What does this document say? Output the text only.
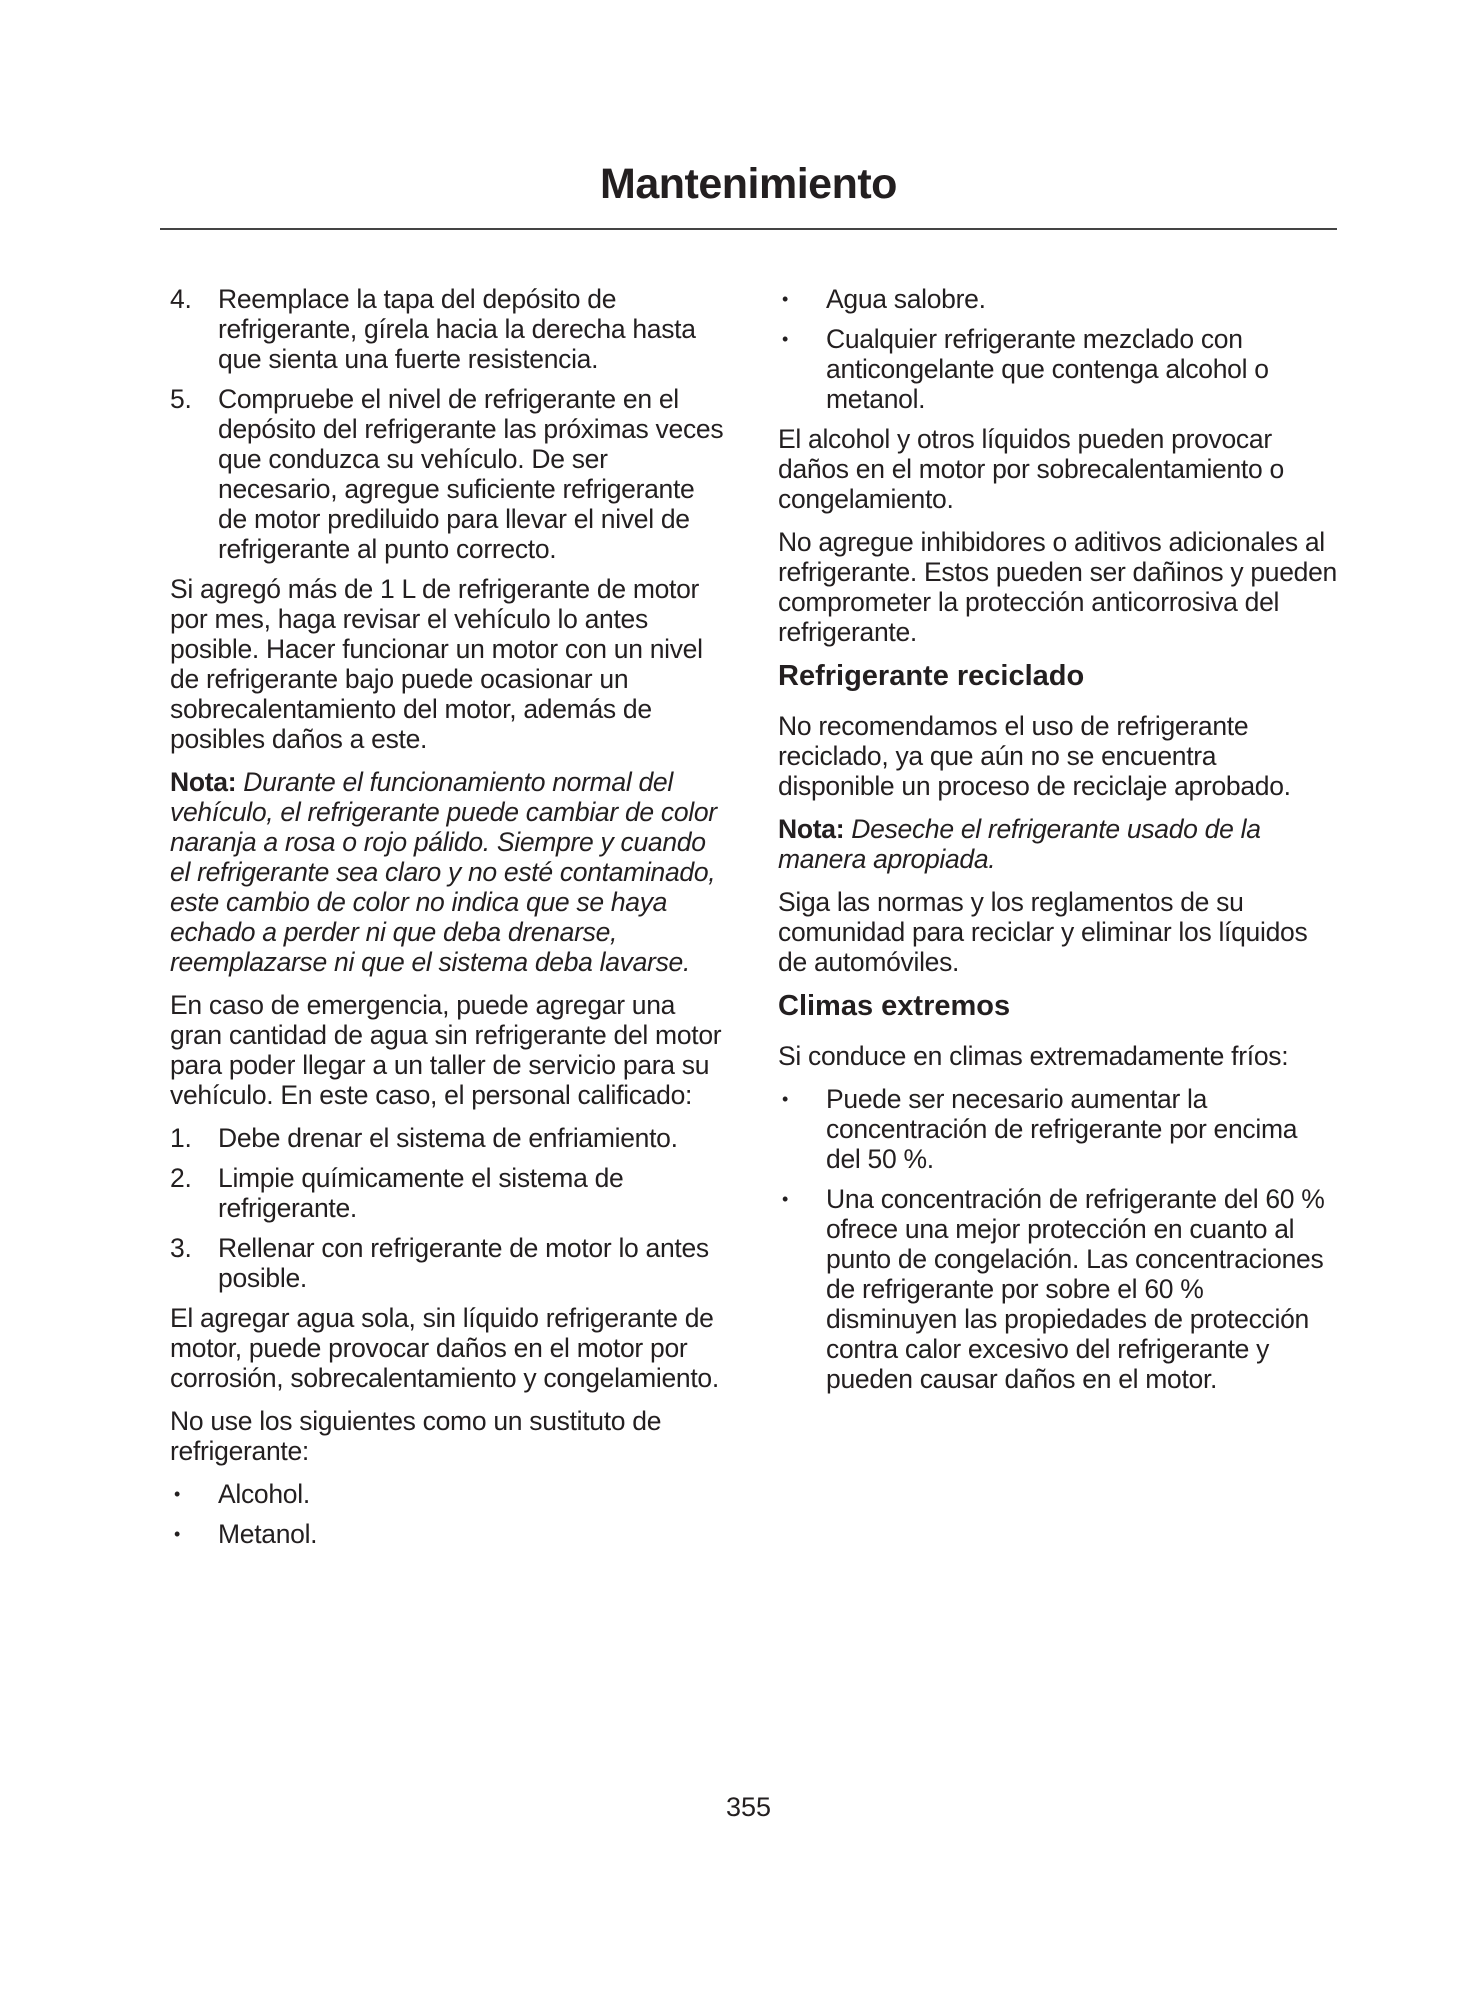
Mantenimiento
4. Reemplace la tapa del depósito de refrigerante, gírela hacia la derecha hasta que sienta una fuerte resistencia.
5. Compruebe el nivel de refrigerante en el depósito del refrigerante las próximas veces que conduzca su vehículo. De ser necesario, agregue suficiente refrigerante de motor prediluido para llevar el nivel de refrigerante al punto correcto.
Si agregó más de 1 L de refrigerante de motor por mes, haga revisar el vehículo lo antes posible. Hacer funcionar un motor con un nivel de refrigerante bajo puede ocasionar un sobrecalentamiento del motor, además de posibles daños a este.
Nota: Durante el funcionamiento normal del vehículo, el refrigerante puede cambiar de color naranja a rosa o rojo pálido. Siempre y cuando el refrigerante sea claro y no esté contaminado, este cambio de color no indica que se haya echado a perder ni que deba drenarse, reemplazarse ni que el sistema deba lavarse.
En caso de emergencia, puede agregar una gran cantidad de agua sin refrigerante del motor para poder llegar a un taller de servicio para su vehículo. En este caso, el personal calificado:
1. Debe drenar el sistema de enfriamiento.
2. Limpie químicamente el sistema de refrigerante.
3. Rellenar con refrigerante de motor lo antes posible.
El agregar agua sola, sin líquido refrigerante de motor, puede provocar daños en el motor por corrosión, sobrecalentamiento y congelamiento.
No use los siguientes como un sustituto de refrigerante:
• Alcohol.
• Metanol.
• Agua salobre.
• Cualquier refrigerante mezclado con anticongelante que contenga alcohol o metanol.
El alcohol y otros líquidos pueden provocar daños en el motor por sobrecalentamiento o congelamiento.
No agregue inhibidores o aditivos adicionales al refrigerante. Estos pueden ser dañinos y pueden comprometer la protección anticorrosiva del refrigerante.
Refrigerante reciclado
No recomendamos el uso de refrigerante reciclado, ya que aún no se encuentra disponible un proceso de reciclaje aprobado.
Nota: Deseche el refrigerante usado de la manera apropiada.
Siga las normas y los reglamentos de su comunidad para reciclar y eliminar los líquidos de automóviles.
Climas extremos
Si conduce en climas extremadamente fríos:
• Puede ser necesario aumentar la concentración de refrigerante por encima del 50 %.
• Una concentración de refrigerante del 60 % ofrece una mejor protección en cuanto al punto de congelación. Las concentraciones de refrigerante por sobre el 60 % disminuyen las propiedades de protección contra calor excesivo del refrigerante y pueden causar daños en el motor.
355
